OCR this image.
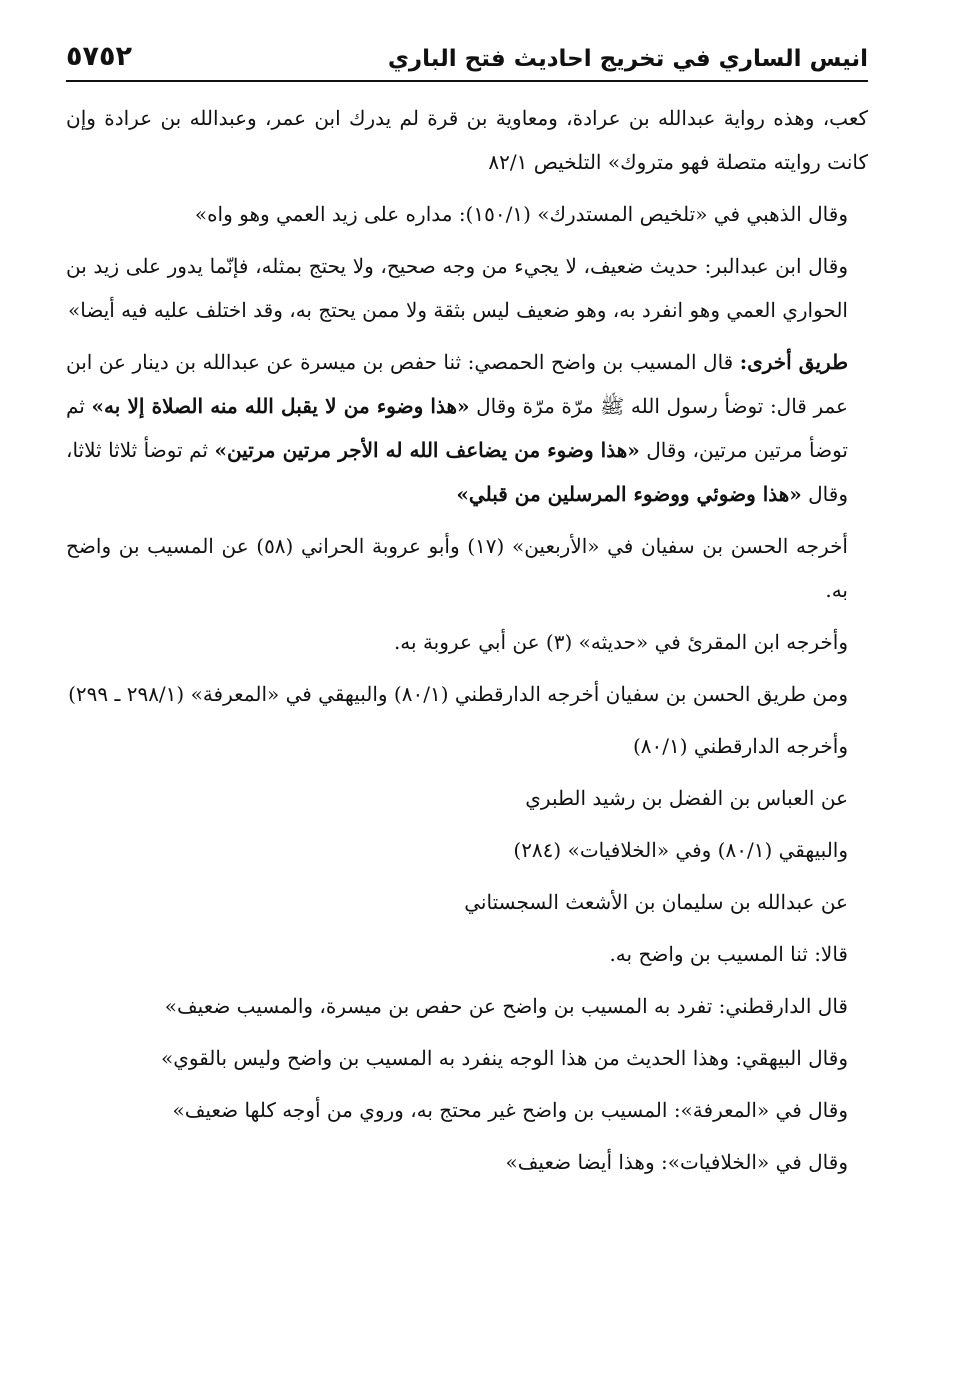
انيس الساري في تخريج احاديث فتح الباري
٥٧٥٢

كعب، وهذه رواية عبدالله بن عرادة، ومعاوية بن قرة لم يدرك ابن عمر، وعبدالله بن عرادة وإن كانت روايته متصلة فهو متروك» التلخيص ٨٢/١

وقال الذهبي في «تلخيص المستدرك» (١٥٠/١): مداره على زيد العمي وهو واه»

وقال ابن عبدالبر: حديث ضعيف، لا يجيء من وجه صحيح، ولا يحتج بمثله، فإنّما يدور على زيد بن الحواري العمي وهو انفرد به، وهو ضعيف ليس بثقة ولا ممن يحتج به، وقد اختلف عليه فيه أيضا»

طريق أخرى: قال المسيب بن واضح الحمصي: ثنا حفص بن ميسرة عن عبدالله بن دينار عن ابن عمر قال: توضأ رسول الله ﷺ مرّة مرّة وقال «هذا وضوء من لا يقبل الله منه الصلاة إلا به» ثم توضأ مرتين مرتين، وقال «هذا وضوء من يضاعف الله له الأجر مرتين مرتين» ثم توضأ ثلاثا ثلاثا، وقال «هذا وضوئي ووضوء المرسلين من قبلي»

أخرجه الحسن بن سفيان في «الأربعين» (١٧) وأبو عروبة الحراني (٥٨) عن المسيب بن واضح به.

وأخرجه ابن المقرئ في «حديثه» (٣) عن أبي عروبة به.

ومن طريق الحسن بن سفيان أخرجه الدارقطني (٨٠/١) والبيهقي في «المعرفة» (٢٩٨/١ ـ ٢٩٩)

وأخرجه الدارقطني (٨٠/١)

عن العباس بن الفضل بن رشيد الطبري

والبيهقي (٨٠/١) وفي «الخلافيات» (٢٨٤)

عن عبدالله بن سليمان بن الأشعث السجستاني

قالا: ثنا المسيب بن واضح به.

قال الدارقطني: تفرد به المسيب بن واضح عن حفص بن ميسرة، والمسيب ضعيف»

وقال البيهقي: وهذا الحديث من هذا الوجه ينفرد به المسيب بن واضح وليس بالقوي»

وقال في «المعرفة»: المسيب بن واضح غير محتج به، وروي من أوجه كلها ضعيف»

وقال في «الخلافيات»: وهذا أيضا ضعيف»
